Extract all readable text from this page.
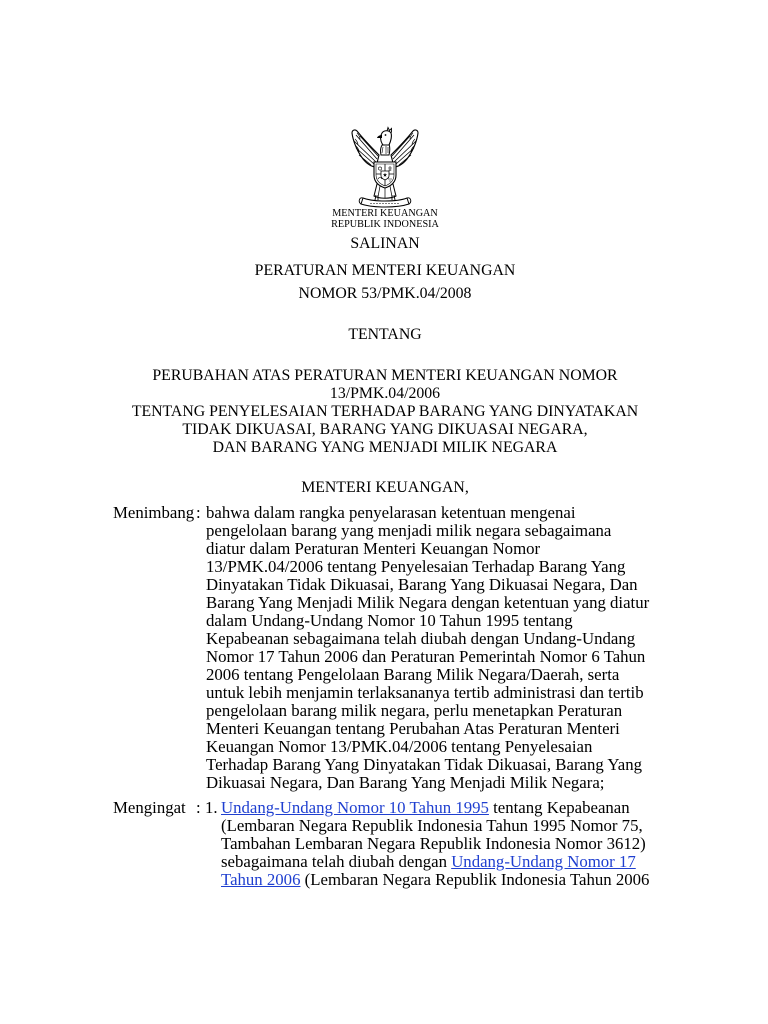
MENTERI KEUANGAN
REPUBLIK INDONESIA
SALINAN
PERATURAN MENTERI KEUANGAN
NOMOR 53/PMK.04/2008
TENTANG
PERUBAHAN ATAS PERATURAN MENTERI KEUANGAN NOMOR
13/PMK.04/2006
TENTANG PENYELESAIAN TERHADAP BARANG YANG DINYATAKAN
TIDAK DIKUASAI, BARANG YANG DIKUASAI NEGARA,
DAN BARANG YANG MENJADI MILIK NEGARA
MENTERI KEUANGAN,
Menimbang : bahwa dalam rangka penyelarasan ketentuan mengenai
pengelolaan barang yang menjadi milik negara sebagaimana
diatur dalam Peraturan Menteri Keuangan Nomor
13/PMK.04/2006 tentang Penyelesaian Terhadap Barang Yang
Dinyatakan Tidak Dikuasai, Barang Yang Dikuasai Negara, Dan
Barang Yang Menjadi Milik Negara dengan ketentuan yang diatur
dalam Undang-Undang Nomor 10 Tahun 1995 tentang
Kepabeanan sebagaimana telah diubah dengan Undang-Undang
Nomor 17 Tahun 2006 dan Peraturan Pemerintah Nomor 6 Tahun
2006 tentang Pengelolaan Barang Milik Negara/Daerah, serta
untuk lebih menjamin terlaksananya tertib administrasi dan tertib
pengelolaan barang milik negara, perlu menetapkan Peraturan
Menteri Keuangan tentang Perubahan Atas Peraturan Menteri
Keuangan Nomor 13/PMK.04/2006 tentang Penyelesaian
Terhadap Barang Yang Dinyatakan Tidak Dikuasai, Barang Yang
Dikuasai Negara, Dan Barang Yang Menjadi Milik Negara;
Mengingat : 1. Undang-Undang Nomor 10 Tahun 1995 tentang Kepabeanan
(Lembaran Negara Republik Indonesia Tahun 1995 Nomor 75,
Tambahan Lembaran Negara Republik Indonesia Nomor 3612)
sebagaimana telah diubah dengan Undang-Undang Nomor 17
Tahun 2006 (Lembaran Negara Republik Indonesia Tahun 2006
